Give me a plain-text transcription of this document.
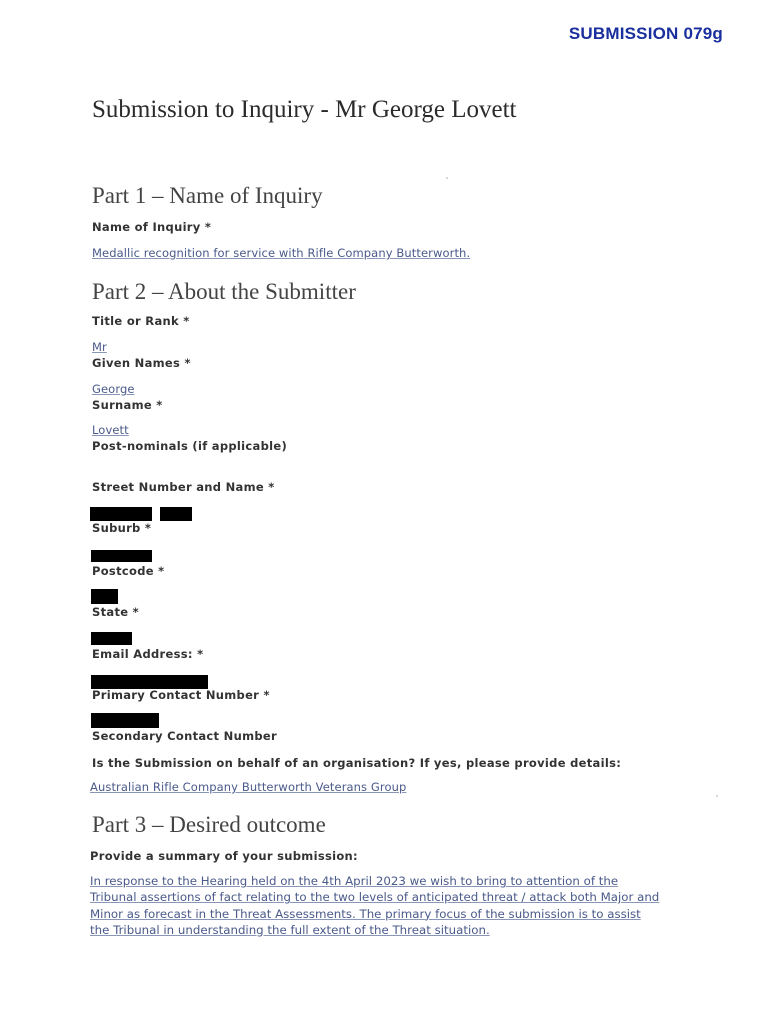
SUBMISSION 079g
Submission to Inquiry - Mr George Lovett
Part 1 – Name of Inquiry
Name of Inquiry *
Medallic recognition for service with Rifle Company Butterworth.
Part 2 – About the Submitter
Title or Rank *
Mr
Given Names *
George
Surname *
Lovett
Post-nominals (if applicable)
Street Number and Name *
Suburb *
Postcode *
State *
Email Address: *
Primary Contact Number *
Secondary Contact Number
Is the Submission on behalf of an organisation? If yes, please provide details:
Australian Rifle Company Butterworth Veterans Group
Part 3 – Desired outcome
Provide a summary of your submission:

In response to the Hearing held on the 4th April 2023 we wish to bring to attention of the Tribunal assertions of fact relating to the two levels of anticipated threat / attack both Major and Minor as forecast in the Threat Assessments. The primary focus of the submission is to assist the Tribunal in understanding the full extent of the Threat situation.
